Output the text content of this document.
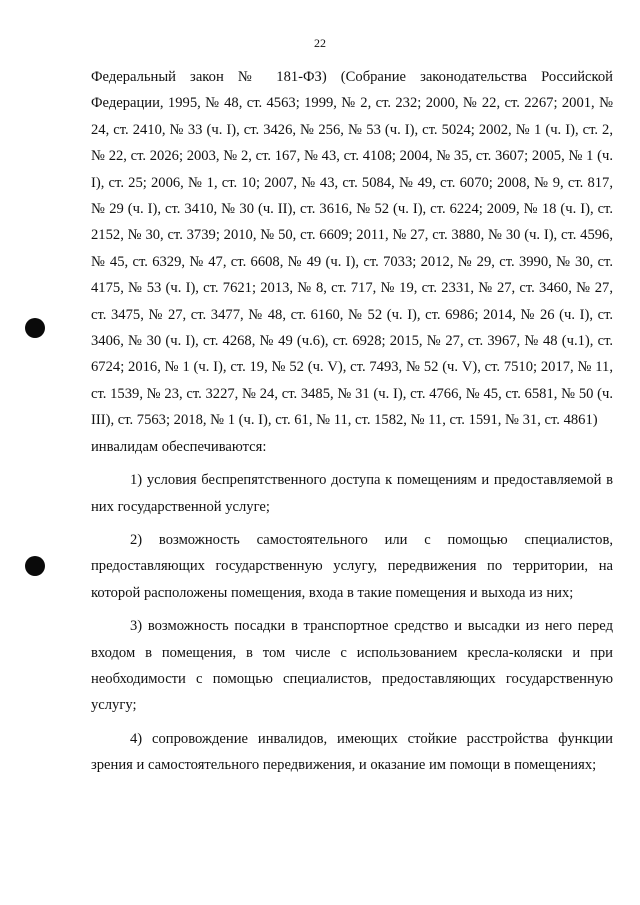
22

Федеральный закон № 181-ФЗ) (Собрание законодательства Российской Федерации, 1995, № 48, ст. 4563; 1999, № 2, ст. 232; 2000, № 22, ст. 2267; 2001, № 24, ст. 2410, № 33 (ч. I), ст. 3426, № 256, № 53 (ч. I), ст. 5024; 2002, № 1 (ч. I), ст. 2, № 22, ст. 2026; 2003, № 2, ст. 167, № 43, ст. 4108; 2004, № 35, ст. 3607; 2005, № 1 (ч. I), ст. 25; 2006, № 1, ст. 10; 2007, № 43, ст. 5084, № 49, ст. 6070; 2008, № 9, ст. 817, № 29 (ч. I), ст. 3410, № 30 (ч. II), ст. 3616, № 52 (ч. I), ст. 6224; 2009, № 18 (ч. I), ст. 2152, № 30, ст. 3739; 2010, № 50, ст. 6609; 2011, № 27, ст. 3880, № 30 (ч. I), ст. 4596, № 45, ст. 6329, № 47, ст. 6608, № 49 (ч. I), ст. 7033; 2012, № 29, ст. 3990, № 30, ст. 4175, № 53 (ч. I), ст. 7621; 2013, № 8, ст. 717, № 19, ст. 2331, № 27, ст. 3460, № 27, ст. 3475, № 27, ст. 3477, № 48, ст. 6160, № 52 (ч. I), ст. 6986; 2014, № 26 (ч. I), ст. 3406, № 30 (ч. I), ст. 4268, № 49 (ч.6), ст. 6928; 2015, № 27, ст. 3967, № 48 (ч.1), ст. 6724; 2016, № 1 (ч. I), ст. 19, № 52 (ч. V), ст. 7493, № 52 (ч. V), ст. 7510; 2017, № 11, ст. 1539, № 23, ст. 3227, № 24, ст. 3485, № 31 (ч. I), ст. 4766, № 45, ст. 6581, № 50 (ч. III), ст. 7563; 2018, № 1 (ч. I), ст. 61, № 11, ст. 1582, № 11, ст. 1591, № 31, ст. 4861)

инвалидам обеспечиваются:

1) условия беспрепятственного доступа к помещениям и предоставляемой в них государственной услуге;

2) возможность самостоятельного или с помощью специалистов, предоставляющих государственную услугу, передвижения по территории, на которой расположены помещения, входа в такие помещения и выхода из них;

3) возможность посадки в транспортное средство и высадки из него перед входом в помещения, в том числе с использованием кресла-коляски и при необходимости с помощью специалистов, предоставляющих государственную услугу;

4) сопровождение инвалидов, имеющих стойкие расстройства функции зрения и самостоятельного передвижения, и оказание им помощи в помещениях;
